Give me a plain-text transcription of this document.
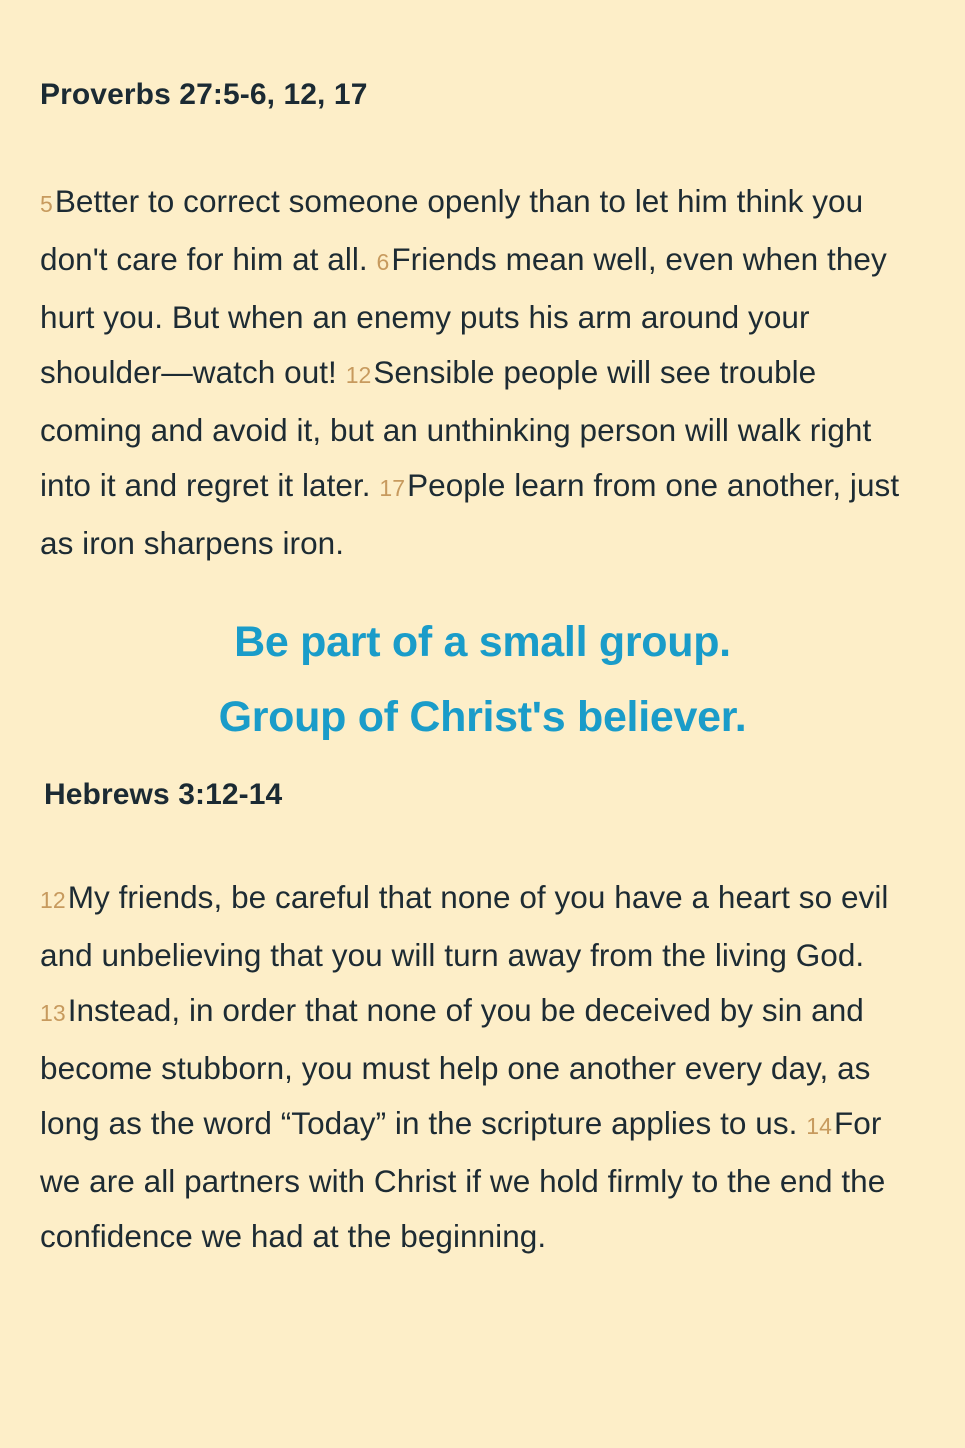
Proverbs 27:5-6, 12, 17

5Better to correct someone openly than to let him think you don't care for him at all. 6Friends mean well, even when they hurt you. But when an enemy puts his arm around your shoulder—watch out! 12Sensible people will see trouble coming and avoid it, but an unthinking person will walk right into it and regret it later. 17People learn from one another, just as iron sharpens iron.

Be part of a small group.
Group of Christ's believer.
Hebrews 3:12-14

12My friends, be careful that none of you have a heart so evil and unbelieving that you will turn away from the living God. 13Instead, in order that none of you be deceived by sin and become stubborn, you must help one another every day, as long as the word “Today” in the scripture applies to us. 14For we are all partners with Christ if we hold firmly to the end the confidence we had at the beginning.
